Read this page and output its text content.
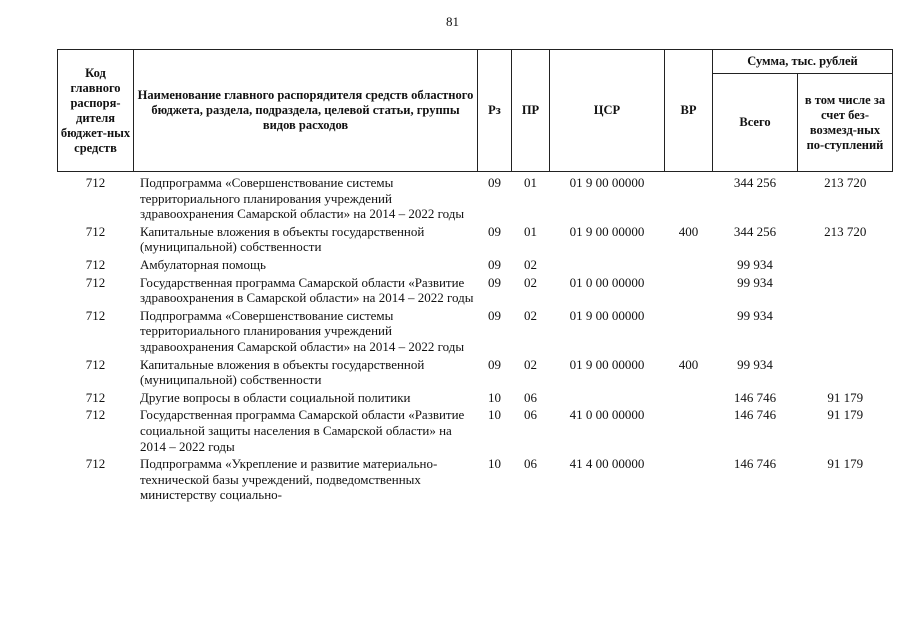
81
Код главного распоря-дителя бюджет-ных средств	Наименование главного распорядителя средств областного бюджета, раздела, подраздела, целевой статьи, группы видов расходов	Рз	ПР	ЦСР	ВР	Сумма, тыс. рублей	
						Всего	в том числе за счет без-возмезд-ных по-ступлений
712	Подпрограмма «Совершенствование системы территориального планирования учреждений здравоохранения Самарской области» на 2014 – 2022 годы	09	01	01 9 00 00000		344 256	213 720
712	Капитальные вложения в объекты государственной (муниципальной) собственности	09	01	01 9 00 00000	400	344 256	213 720
712	Амбулаторная помощь	09	02			99 934	
712	Государственная программа Самарской области «Развитие здравоохранения в Самарской области» на 2014 – 2022 годы	09	02	01 0 00 00000		99 934	
712	Подпрограмма «Совершенствование системы территориального планирования учреждений здравоохранения Самарской области» на 2014 – 2022 годы	09	02	01 9 00 00000		99 934	
712	Капитальные вложения в объекты государственной (муниципальной) собственности	09	02	01 9 00 00000	400	99 934	
712	Другие вопросы в области социальной политики	10	06			146 746	91 179
712	Государственная программа Самарской области «Развитие социальной защиты населения в Самарской области» на 2014 – 2022 годы	10	06	41 0 00 00000		146 746	91 179
712	Подпрограмма «Укрепление и развитие материально-технической базы учреждений, подведомственных министерству социально-	10	06	41 4 00 00000		146 746	91 179
